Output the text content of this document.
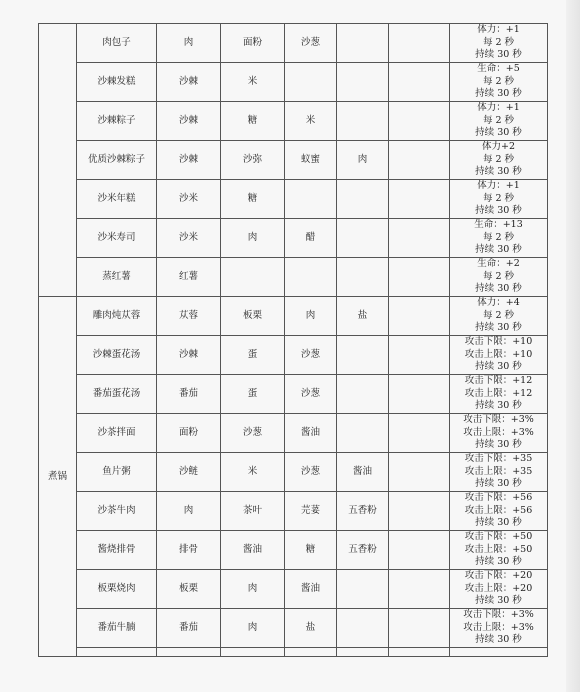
	肉包子	肉	面粉	沙葱			体力：+1
每 2 秒
持续 30 秒

	沙棘发糕	沙棘	米				生命：+5
每 2 秒
持续 30 秒

	沙棘粽子	沙棘	糖	米			体力：+1
每 2 秒
持续 30 秒

	优质沙棘粽子	沙棘	沙弥	蚁蜜	肉		体力+2
每 2 秒
持续 30 秒

	沙米年糕	沙米	糖				体力：+1
每 2 秒
持续 30 秒

	沙米寿司	沙米	肉	醋			生命：+13
每 2 秒
持续 30 秒

	蒸红薯	红薯					生命：+2
每 2 秒
持续 30 秒

煮锅	雕肉炖苁蓉	苁蓉	板栗	肉	盐		体力：+4
每 2 秒
持续 30 秒

	沙棘蛋花汤	沙棘	蛋	沙葱			攻击下限：+10
攻击上限：+10
持续 30 秒

	番茄蛋花汤	番茄	蛋	沙葱			攻击下限：+12
攻击上限：+12
持续 30 秒

	沙茶拌面	面粉	沙葱	酱油			攻击下限：+3%
攻击上限：+3%
持续 30 秒

	鱼片粥	沙鲢	米	沙葱	酱油		攻击下限：+35
攻击上限：+35
持续 30 秒

	沙茶牛肉	肉	茶叶	芫荽	五香粉		攻击下限：+56
攻击上限：+56
持续 30 秒

	酱烧排骨	排骨	酱油	糖	五香粉		攻击下限：+50
攻击上限：+50
持续 30 秒

	板栗烧肉	板栗	肉	酱油			攻击下限：+20
攻击上限：+20
持续 30 秒

	番茄牛腩	番茄	肉	盐			攻击下限：+3%
攻击上限：+3%
持续 30 秒
